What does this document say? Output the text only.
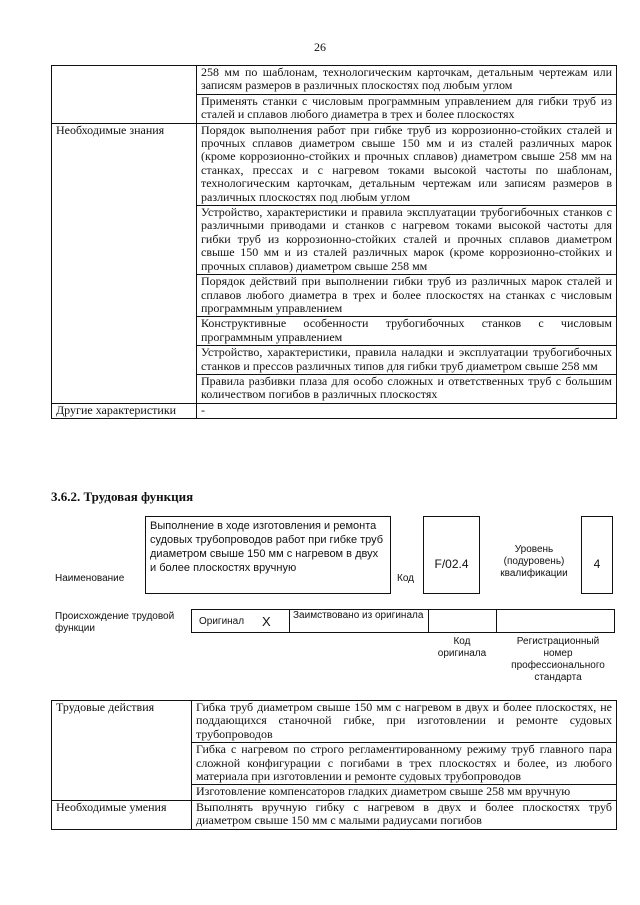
26
	258 мм по шаблонам, технологическим карточкам, детальным чертежам или записям размеров в различных плоскостях под любым углом
	Применять станки с числовым программным управлением для гибки труб из сталей и сплавов любого диаметра в трех и более плоскостях
Необходимые знания	Порядок выполнения работ при гибке труб из коррозионно-стойких сталей и прочных сплавов диаметром свыше 150 мм и из сталей различных марок (кроме коррозионно-стойких и прочных сплавов) диаметром свыше 258 мм на станках, прессах и с нагревом токами высокой частоты по шаблонам, технологическим карточкам, детальным чертежам или записям размеров в различных плоскостях под любым углом
	Устройство, характеристики и правила эксплуатации трубогибочных станков с различными приводами и станков с нагревом токами высокой частоты для гибки труб из коррозионно-стойких сталей и прочных сплавов диаметром свыше 150 мм и из сталей различных марок (кроме коррозионно-стойких и прочных сплавов) диаметром свыше 258 мм
	Порядок действий при выполнении гибки труб из различных марок сталей и сплавов любого диаметра в трех и более плоскостях на станках с числовым программным управлением
	Конструктивные особенности трубогибочных станков с числовым программным управлением
	Устройство, характеристики, правила наладки и эксплуатации трубогибочных станков и прессов различных типов для гибки труб диаметром свыше 258 мм
	Правила разбивки плаза для особо сложных и ответственных труб с большим количеством погибов в различных плоскостях
Другие характеристики	-
3.6.2. Трудовая функция
Наименование
Выполнение в ходе изготовления и ремонта судовых трубопроводов работ при гибке труб диаметром свыше 150 мм с нагревом в двух и более плоскостях вручную
Код
F/02.4
Уровень (подуровень) квалификации
4
Происхождение трудовой функции
Оригинал X Заимствовано из оригинала
Код оригинала
Регистрационный номер профессионального стандарта
Трудовые действия	Гибка труб диаметром свыше 150 мм с нагревом в двух и более плоскостях, не поддающихся станочной гибке, при изготовлении и ремонте судовых трубопроводов
	Гибка с нагревом по строго регламентированному режиму труб главного пара сложной конфигурации с погибами в трех плоскостях и более, из любого материала при изготовлении и ремонте судовых трубопроводов
	Изготовление компенсаторов гладких диаметром свыше 258 мм вручную
Необходимые умения	Выполнять вручную гибку с нагревом в двух и более плоскостях труб диаметром свыше 150 мм с малыми радиусами погибов
